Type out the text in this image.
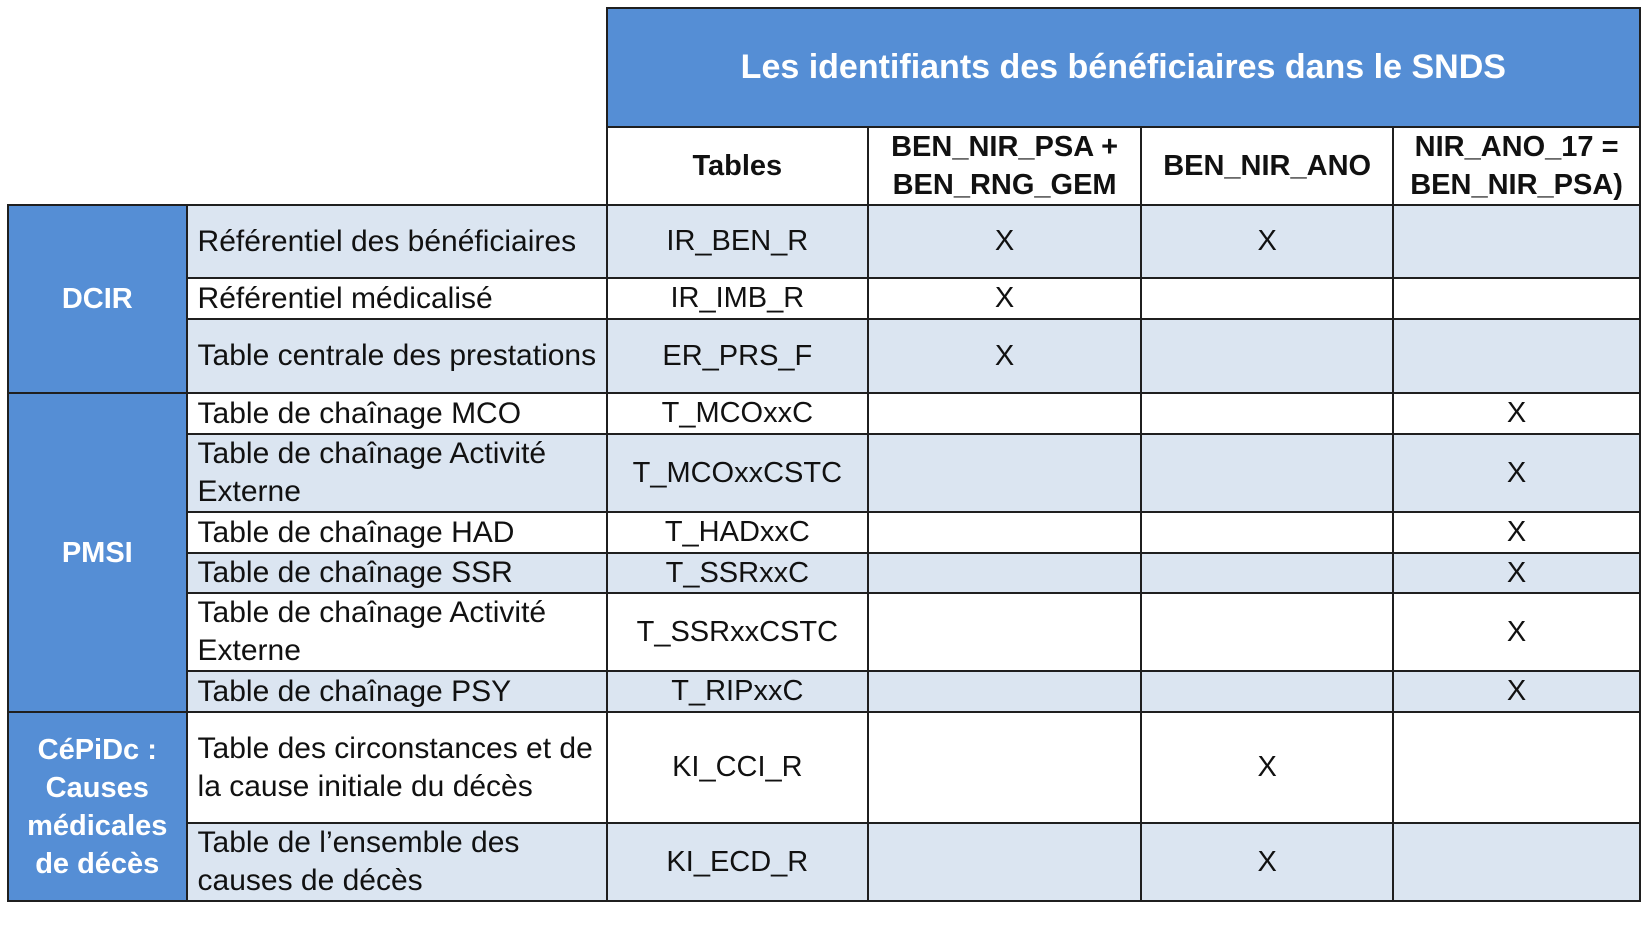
		Les identifiants des bénéficiaires dans le SNDS			
		Tables	BEN_NIR_PSA + BEN_RNG_GEM	BEN_NIR_ANO	NIR_ANO_17 = BEN_NIR_PSA)
DCIR	Référentiel des bénéficiaires	IR_BEN_R	X	X	
	Référentiel médicalisé	IR_IMB_R	X		
	Table centrale des prestations	ER_PRS_F	X		
PMSI	Table de chaînage MCO	T_MCOxxC			X
	Table de chaînage Activité Externe	T_MCOxxCSTC			X
	Table de chaînage HAD	T_HADxxC			X
	Table de chaînage SSR	T_SSRxxC			X
	Table de chaînage Activité Externe	T_SSRxxCSTC			X
	Table de chaînage PSY	T_RIPxxC			X
CéPiDc : Causes médicales de décès	Table des circonstances et de la cause initiale du décès	KI_CCI_R		X	
	Table de l’ensemble des causes de décès	KI_ECD_R		X	
